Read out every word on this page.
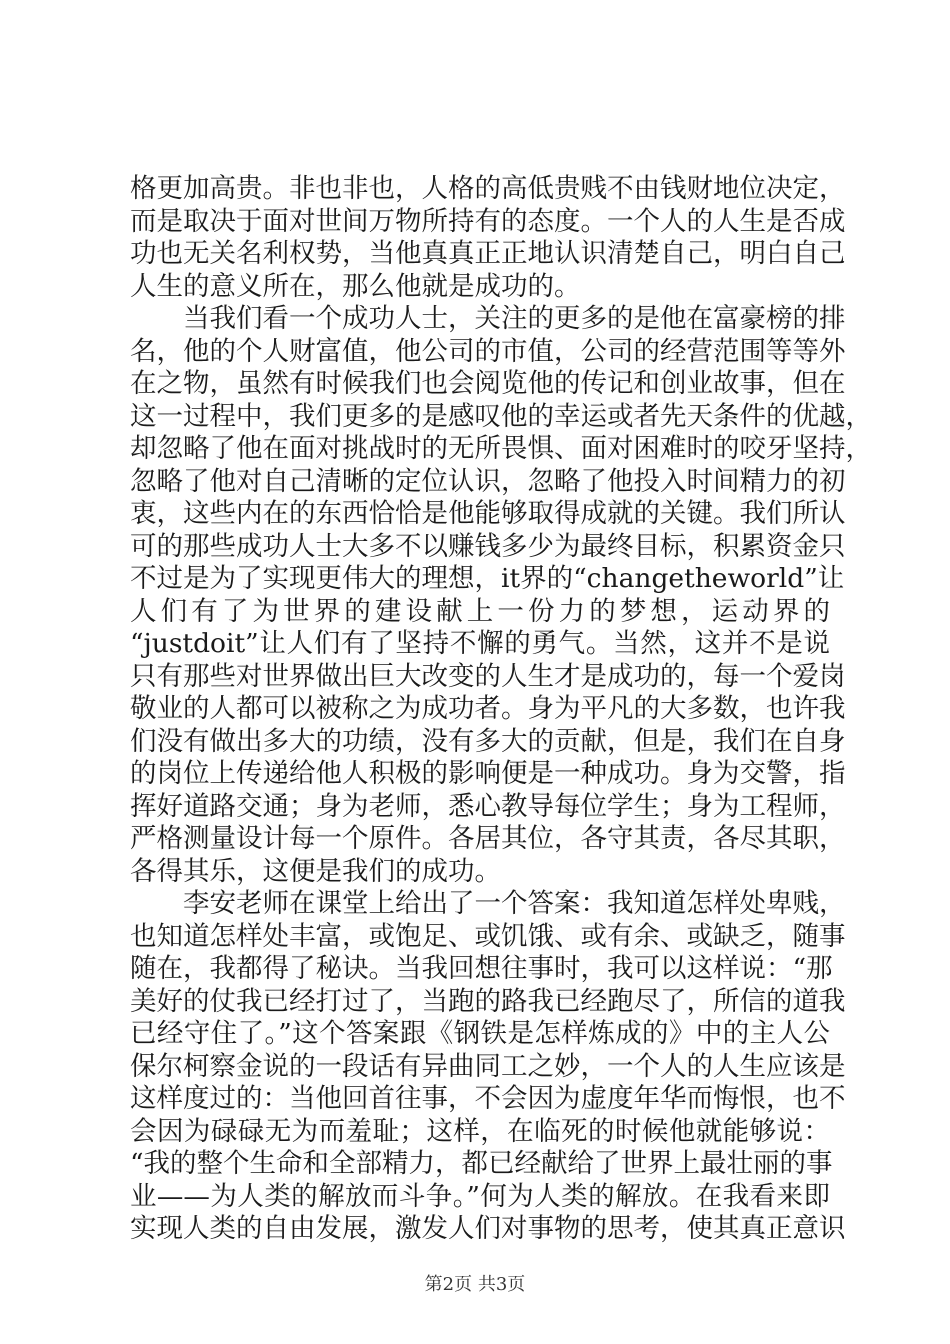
格更加高贵。非也非也，人格的高低贵贱不由钱财地位决定，
而是取决于面对世间万物所持有的态度。一个人的人生是否成
功也无关名利权势，当他真真正正地认识清楚自己，明白自己
人生的意义所在，那么他就是成功的。
　　当我们看一个成功人士，关注的更多的是他在富豪榜的排
名，他的个人财富值，他公司的市值，公司的经营范围等等外
在之物，虽然有时候我们也会阅览他的传记和创业故事，但在
这一过程中，我们更多的是感叹他的幸运或者先天条件的优越，
却忽略了他在面对挑战时的无所畏惧、面对困难时的咬牙坚持，
忽略了他对自己清晰的定位认识，忽略了他投入时间精力的初
衷，这些内在的东西恰恰是他能够取得成就的关键。我们所认
可的那些成功人士大多不以赚钱多少为最终目标，积累资金只
不过是为了实现更伟大的理想，it界的“changetheworld”让
人们有了为世界的建设献上一份力的梦想，运动界的
“justdoit”让人们有了坚持不懈的勇气。当然，这并不是说
只有那些对世界做出巨大改变的人生才是成功的，每一个爱岗
敬业的人都可以被称之为成功者。身为平凡的大多数，也许我
们没有做出多大的功绩，没有多大的贡献，但是，我们在自身
的岗位上传递给他人积极的影响便是一种成功。身为交警，指
挥好道路交通；身为老师，悉心教导每位学生；身为工程师，
严格测量设计每一个原件。各居其位，各守其责，各尽其职，
各得其乐，这便是我们的成功。
　　李安老师在课堂上给出了一个答案：我知道怎样处卑贱，
也知道怎样处丰富，或饱足、或饥饿、或有余、或缺乏，随事
随在，我都得了秘诀。当我回想往事时，我可以这样说：“那
美好的仗我已经打过了，当跑的路我已经跑尽了，所信的道我
已经守住了。”这个答案跟《钢铁是怎样炼成的》中的主人公
保尔柯察金说的一段话有异曲同工之妙，一个人的人生应该是
这样度过的：当他回首往事，不会因为虚度年华而悔恨，也不
会因为碌碌无为而羞耻；这样，在临死的时候他就能够说：
“我的整个生命和全部精力，都已经献给了世界上最壮丽的事
业——为人类的解放而斗争。”何为人类的解放。在我看来即
实现人类的自由发展，激发人们对事物的思考，使其真正意识
第2页 共3页
